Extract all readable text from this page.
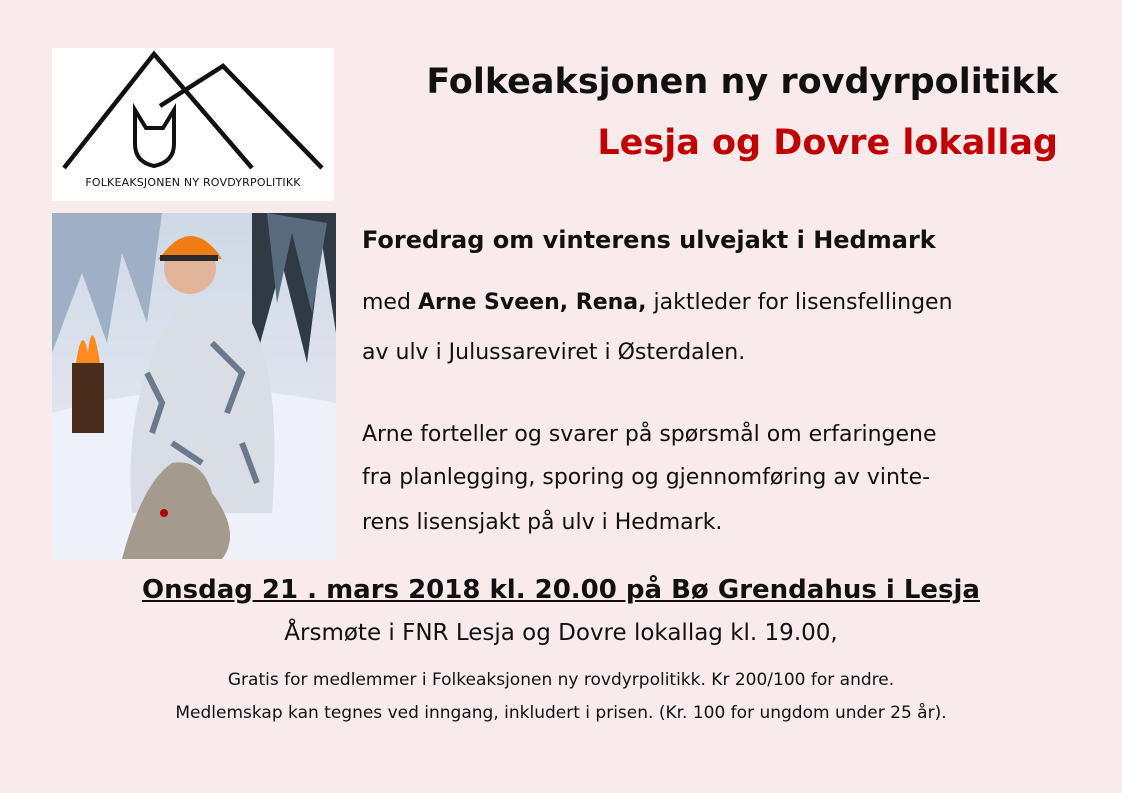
FOLKEAKSJONEN NY ROVDYRPOLITIKK
Folkeaksjonen ny rovdyrpolitikk
Lesja og Dovre lokallag
Foredrag om vinterens ulvejakt i Hedmark
med Arne Sveen, Rena, jaktleder for lisensfellingen
av ulv i Julussareviret i Østerdalen.
Arne forteller og svarer på spørsmål om erfaringene
fra planlegging, sporing og gjennomføring av vinte-
rens lisensjakt på ulv i Hedmark.
Onsdag 21 . mars 2018 kl. 20.00 på Bø Grendahus i Lesja
Årsmøte i FNR Lesja og Dovre lokallag kl. 19.00,
Gratis for medlemmer i Folkeaksjonen ny rovdyrpolitikk. Kr 200/100 for andre.
Medlemskap kan tegnes ved inngang, inkludert i prisen. (Kr. 100 for ungdom under 25 år).
